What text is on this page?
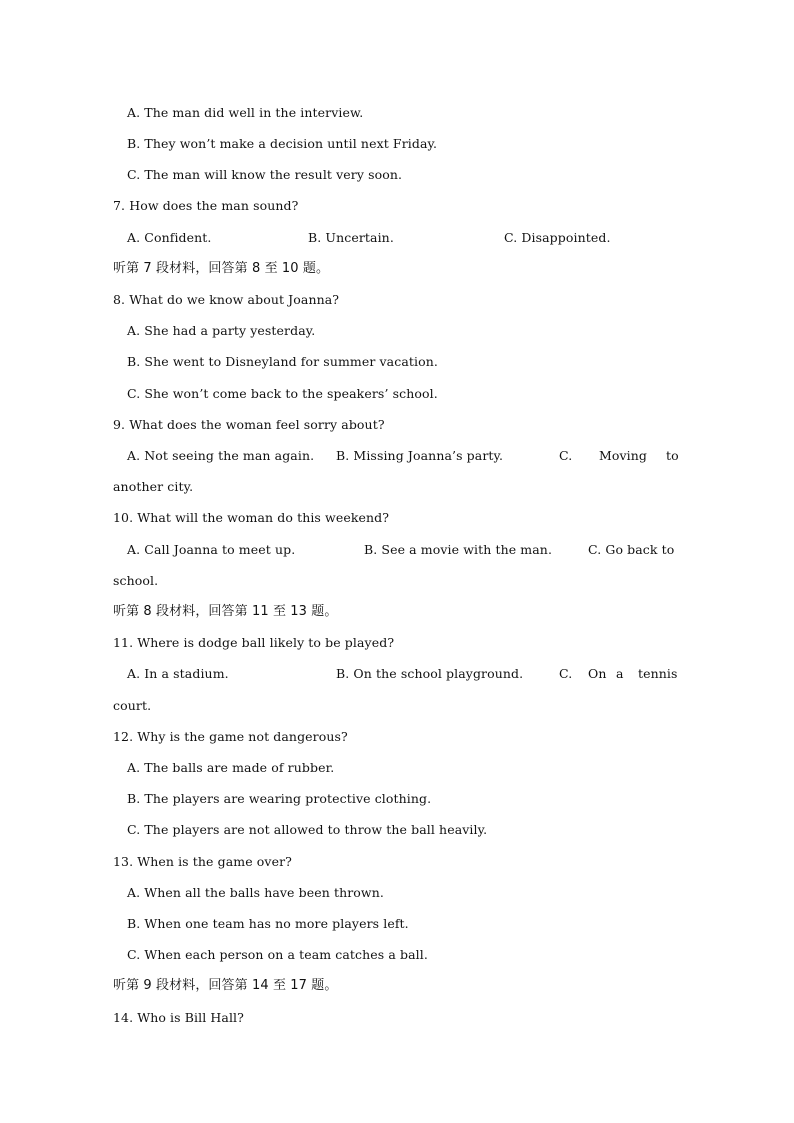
A. The man did well in the interview.
B. They won’t make a decision until next Friday.
C. The man will know the result very soon.
7. How does the man sound?
A. Confident.	B. Uncertain.	C. Disappointed.
听第 7 段材料，回答第 8 至 10 题。
8. What do we know about Joanna?
A. She had a party yesterday.
B. She went to Disneyland for summer vacation.
C. She won’t come back to the speakers’ school.
9. What does the woman feel sorry about?
A. Not seeing the man again. B. Missing Joanna’s party.	C. Moving to
another city.
10. What will the woman do this weekend?
A. Call Joanna to meet up.	B. See a movie with the man.	C. Go back to
school.
听第 8 段材料，回答第 11 至 13 题。
11. Where is dodge ball likely to be played?
A. In a stadium.	B. On the school playground.	C. On a tennis
court.
12. Why is the game not dangerous?
A. The balls are made of rubber.
B. The players are wearing protective clothing.
C. The players are not allowed to throw the ball heavily.
13. When is the game over?
A. When all the balls have been thrown.
B. When one team has no more players left.
C. When each person on a team catches a ball.
听第 9 段材料，回答第 14 至 17 题。
14. Who is Bill Hall?
